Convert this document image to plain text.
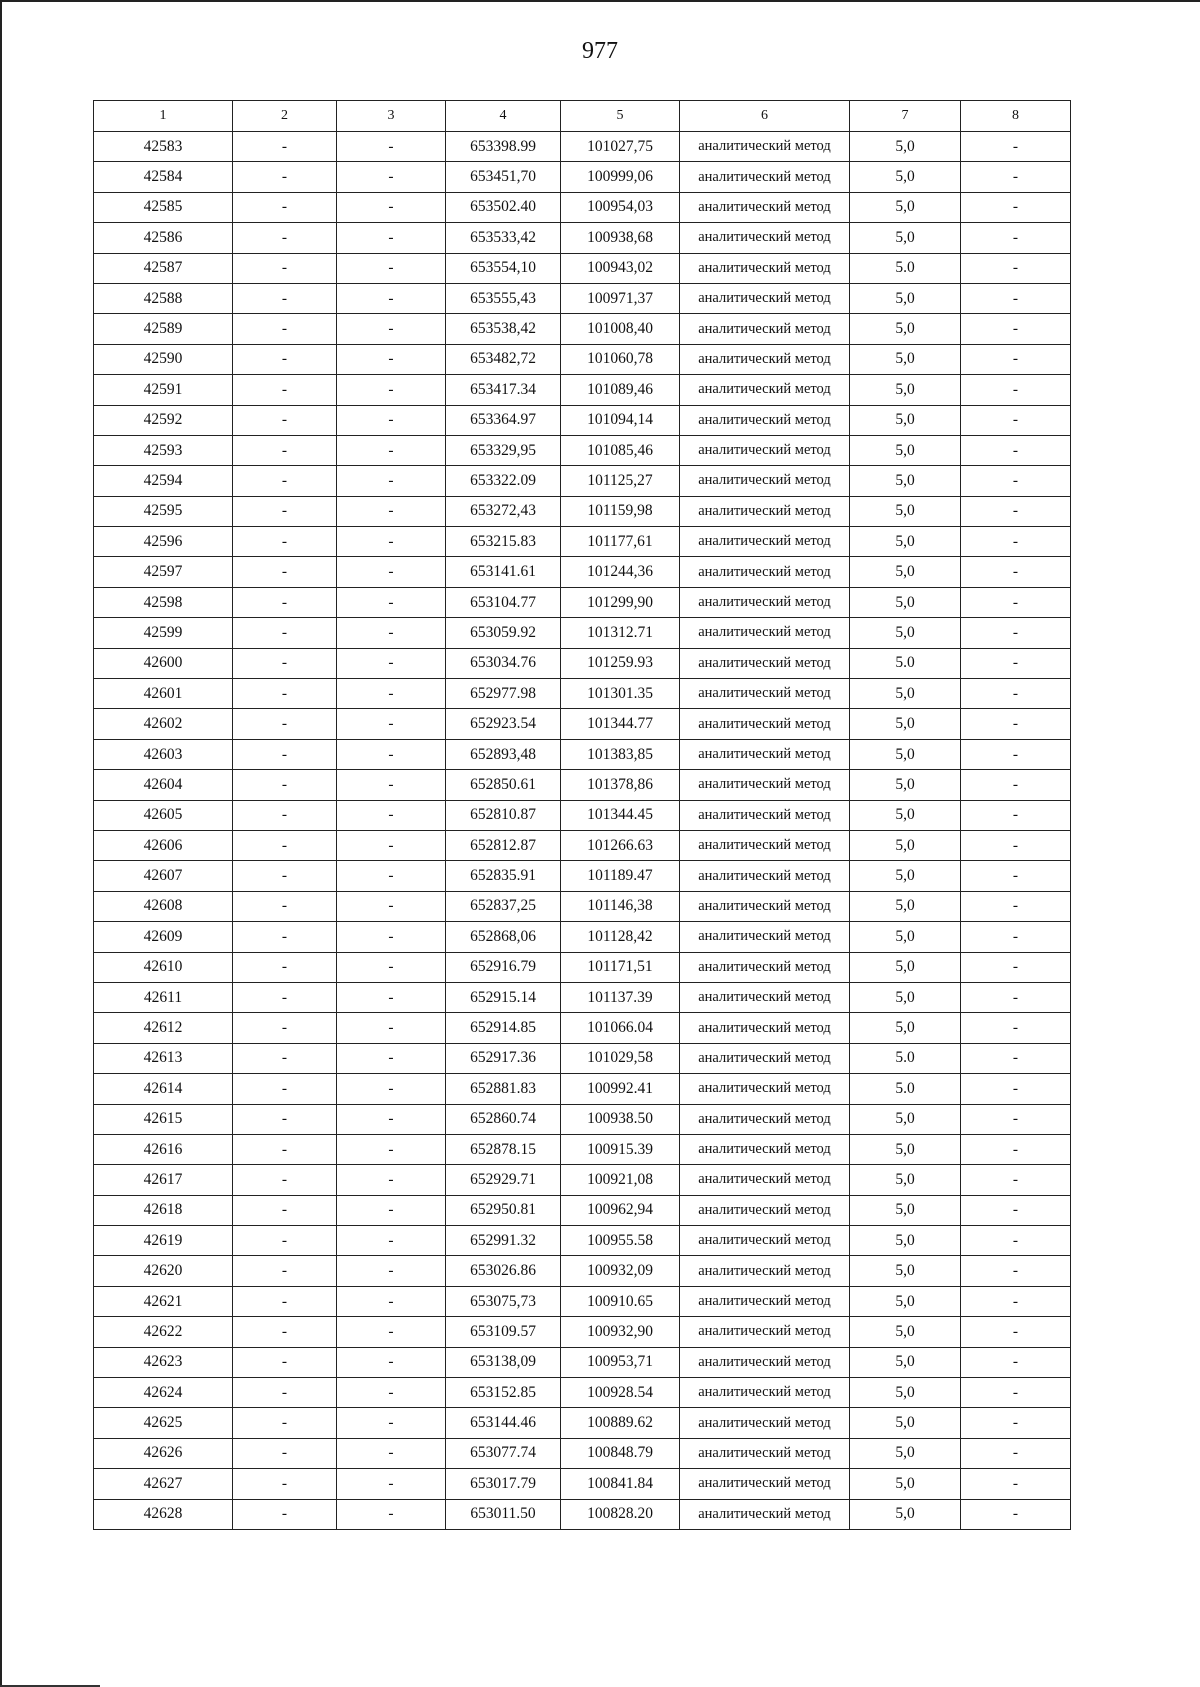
977
1	2	3	4	5	6	7	8
42583	-	-	653398.99	101027,75	аналитический метод	5,0	-
42584	-	-	653451,70	100999,06	аналитический метод	5,0	-
42585	-	-	653502.40	100954,03	аналитический метод	5,0	-
42586	-	-	653533,42	100938,68	аналитический метод	5,0	-
42587	-	-	653554,10	100943,02	аналитический метод	5.0	-
42588	-	-	653555,43	100971,37	аналитический метод	5,0	-
42589	-	-	653538,42	101008,40	аналитический метод	5,0	-
42590	-	-	653482,72	101060,78	аналитический метод	5,0	-
42591	-	-	653417.34	101089,46	аналитический метод	5,0	-
42592	-	-	653364.97	101094,14	аналитический метод	5,0	-
42593	-	-	653329,95	101085,46	аналитический метод	5,0	-
42594	-	-	653322.09	101125,27	аналитический метод	5,0	-
42595	-	-	653272,43	101159,98	аналитический метод	5,0	-
42596	-	-	653215.83	101177,61	аналитический метод	5,0	-
42597	-	-	653141.61	101244,36	аналитический метод	5,0	-
42598	-	-	653104.77	101299,90	аналитический метод	5,0	-
42599	-	-	653059.92	101312.71	аналитический метод	5,0	-
42600	-	-	653034.76	101259.93	аналитический метод	5.0	-
42601	-	-	652977.98	101301.35	аналитический метод	5,0	-
42602	-	-	652923.54	101344.77	аналитический метод	5,0	-
42603	-	-	652893,48	101383,85	аналитический метод	5,0	-
42604	-	-	652850.61	101378,86	аналитический метод	5,0	-
42605	-	-	652810.87	101344.45	аналитический метод	5,0	-
42606	-	-	652812.87	101266.63	аналитический метод	5,0	-
42607	-	-	652835.91	101189.47	аналитический метод	5,0	-
42608	-	-	652837,25	101146,38	аналитический метод	5,0	-
42609	-	-	652868,06	101128,42	аналитический метод	5,0	-
42610	-	-	652916.79	101171,51	аналитический метод	5,0	-
42611	-	-	652915.14	101137.39	аналитический метод	5,0	-
42612	-	-	652914.85	101066.04	аналитический метод	5,0	-
42613	-	-	652917.36	101029,58	аналитический метод	5.0	-
42614	-	-	652881.83	100992.41	аналитический метод	5.0	-
42615	-	-	652860.74	100938.50	аналитический метод	5,0	-
42616	-	-	652878.15	100915.39	аналитический метод	5,0	-
42617	-	-	652929.71	100921,08	аналитический метод	5,0	-
42618	-	-	652950.81	100962,94	аналитический метод	5,0	-
42619	-	-	652991.32	100955.58	аналитический метод	5,0	-
42620	-	-	653026.86	100932,09	аналитический метод	5,0	-
42621	-	-	653075,73	100910.65	аналитический метод	5,0	-
42622	-	-	653109.57	100932,90	аналитический метод	5,0	-
42623	-	-	653138,09	100953,71	аналитический метод	5,0	-
42624	-	-	653152.85	100928.54	аналитический метод	5,0	-
42625	-	-	653144.46	100889.62	аналитический метод	5,0	-
42626	-	-	653077.74	100848.79	аналитический метод	5,0	-
42627	-	-	653017.79	100841.84	аналитический метод	5,0	-
42628	-	-	653011.50	100828.20	аналитический метод	5,0	-
